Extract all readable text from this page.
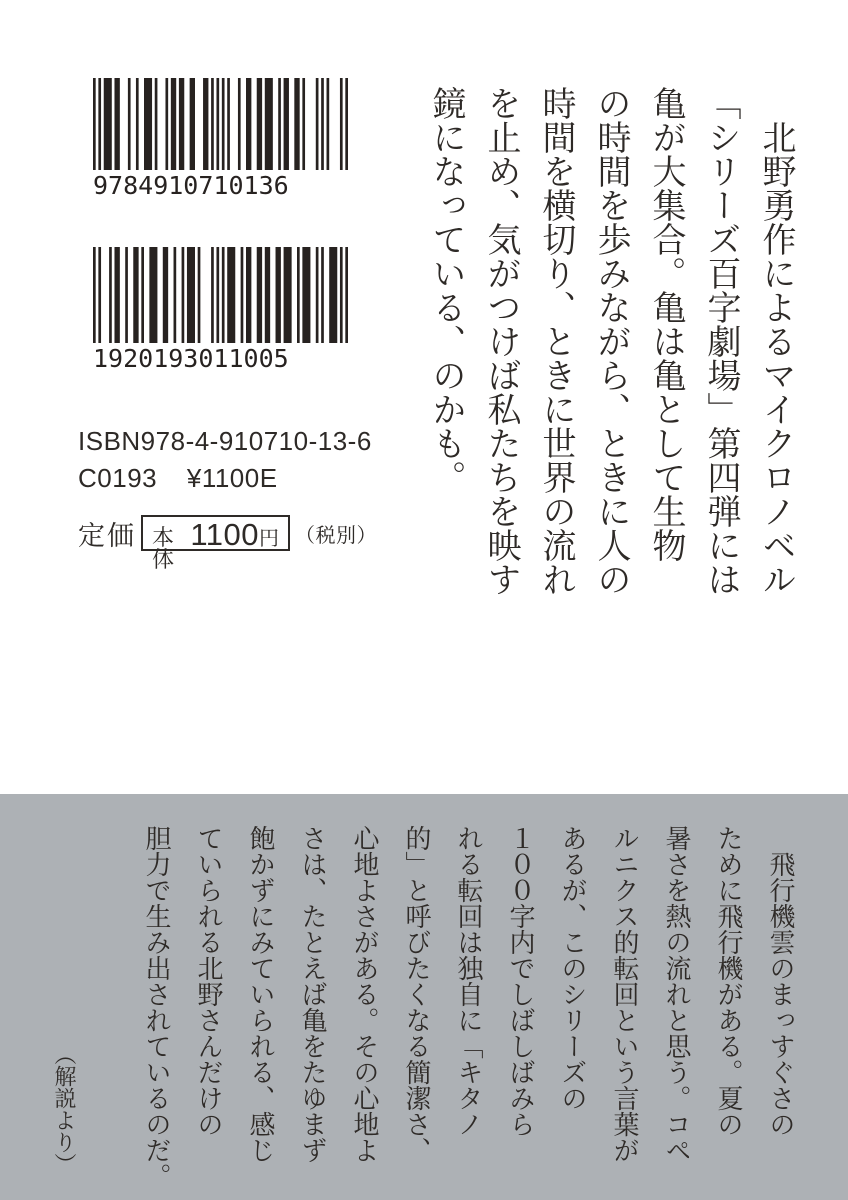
9784910710136
1920193011005
ISBN978-4-910710-13-6
C0193 ¥1100E
定価 本体
1100 円 （税別）	　北野勇作によるマイクロノベル
「シリーズ百字劇場」第四弾には
亀が大集合。亀は亀として生物
の時間を歩みながら、ときに人の
時間を横切り、ときに世界の流れ
を止め、気がつけば私たちを映す
鏡になっている、のかも。
　飛行機雲のまっすぐさの
ために飛行機がある。夏の
暑さを熱の流れと思う。コペ
ルニクス的転回という言葉が
あるが、このシリーズの
１００字内でしばしばみら
れる転回は独自に「キタノ
的」と呼びたくなる簡潔さ、
心地よさがある。その心地よ
さは、たとえば亀をたゆまず
飽かずにみていられる、感じ
ていられる北野さんだけの
胆力で生み出されているのだ。
（解説より）
